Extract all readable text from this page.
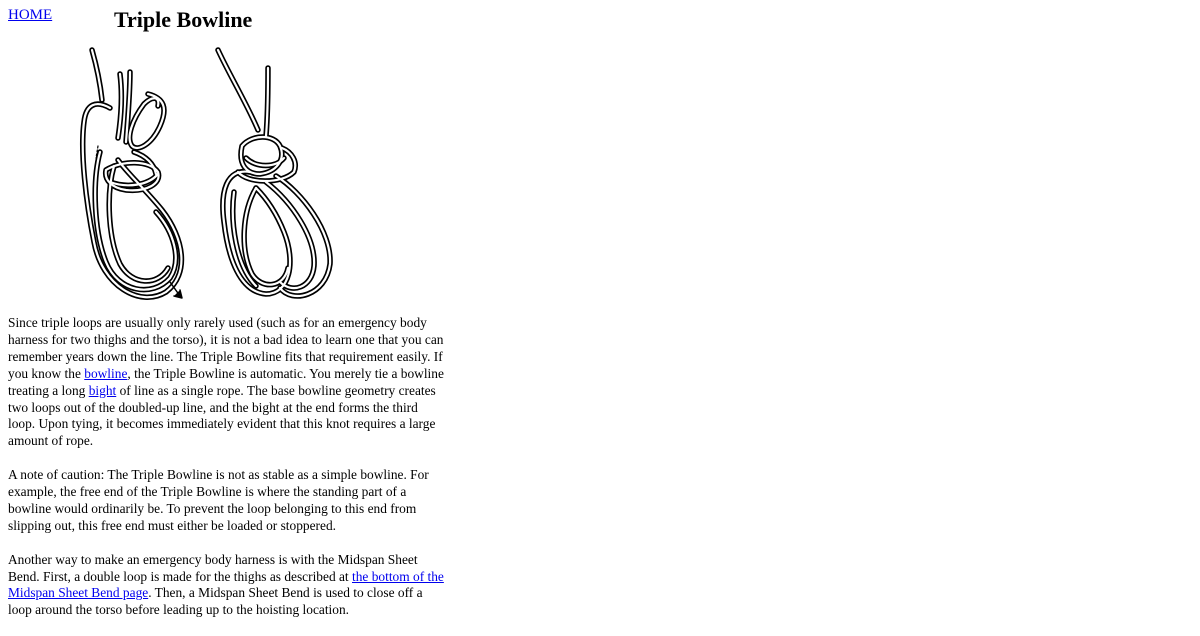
HOME	Triple Bowline

Since triple loops are usually only rarely used (such as for an emergency body harness for two thighs and the torso), it is not a bad idea to learn one that you can remember years down the line. The Triple Bowline fits that requirement easily. If you know the bowline, the Triple Bowline is automatic. You merely tie a bowline treating a long bight of line as a single rope. The base bowline geometry creates two loops out of the doubled-up line, and the bight at the end forms the third loop. Upon tying, it becomes immediately evident that this knot requires a large amount of rope.

A note of caution: The Triple Bowline is not as stable as a simple bowline. For example, the free end of the Triple Bowline is where the standing part of a bowline would ordinarily be. To prevent the loop belonging to this end from slipping out, this free end must either be loaded or stoppered.

Another way to make an emergency body harness is with the Midspan Sheet Bend. First, a double loop is made for the thighs as described at the bottom of the Midspan Sheet Bend page. Then, a Midspan Sheet Bend is used to close off a loop around the torso before leading up to the hoisting location.
